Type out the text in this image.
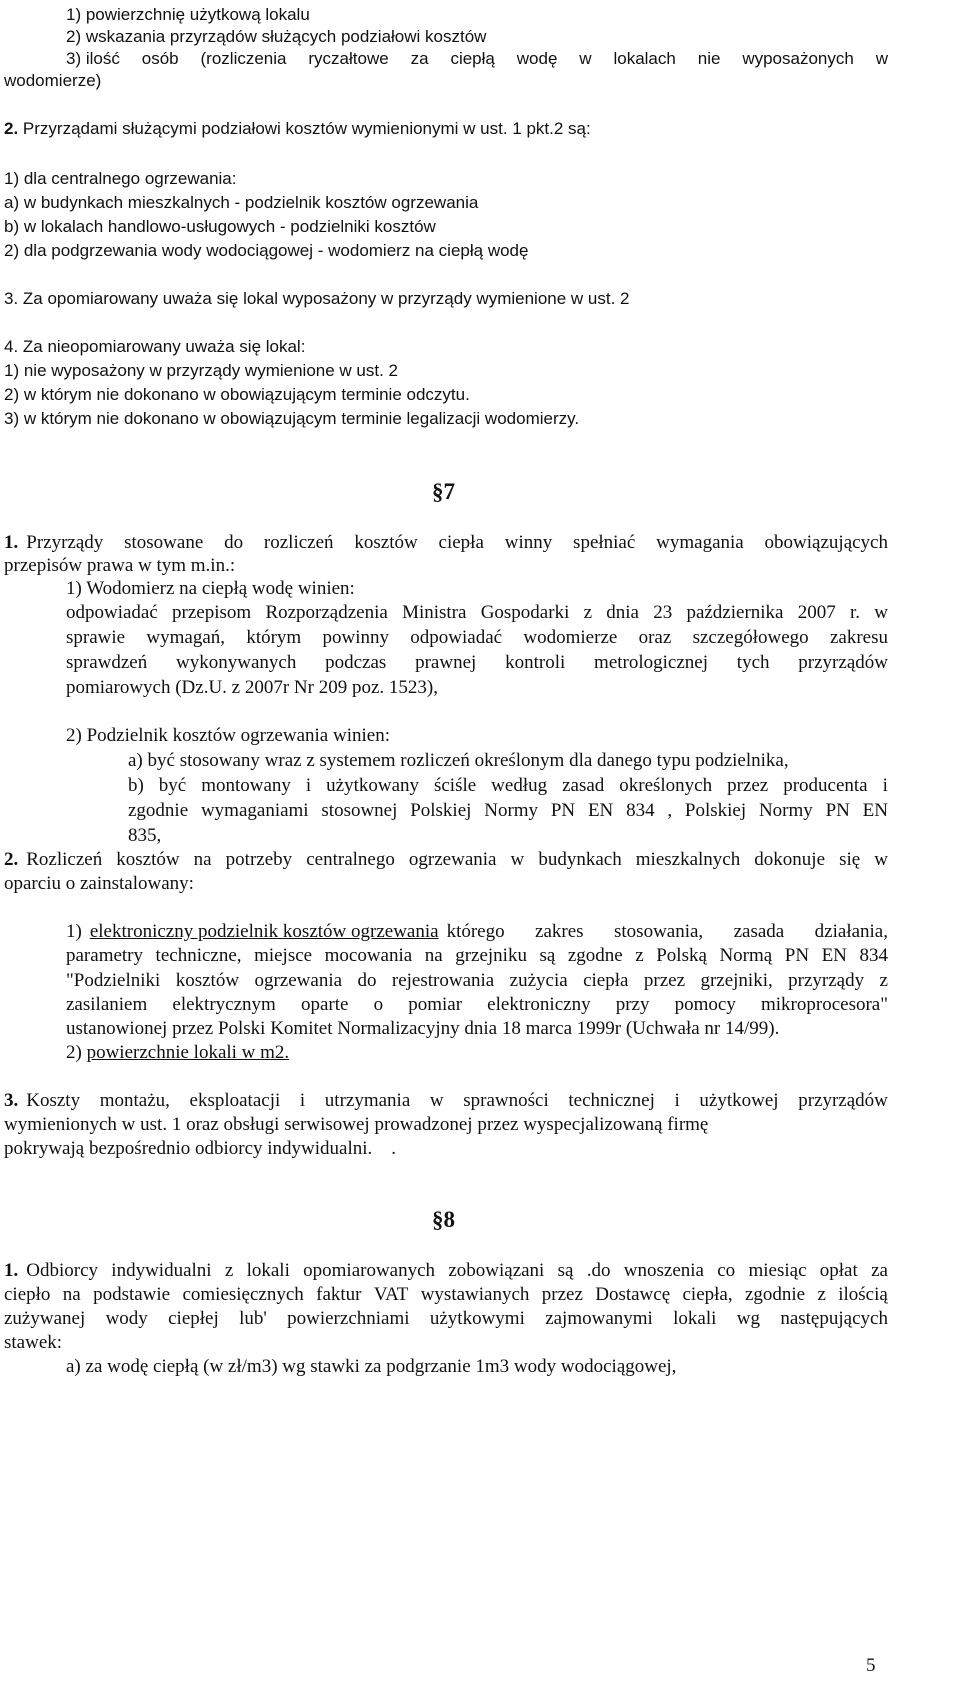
1) powierzchnię użytkową lokalu
2) wskazania przyrządów służących podziałowi kosztów
3) ilość osób (rozliczenia ryczałtowe za ciepłą wodę w lokalach nie wyposażonych w
wodomierze)
2. Przyrządami służącymi podziałowi kosztów wymienionymi w ust. 1 pkt.2 są:
1) dla centralnego ogrzewania:
a) w budynkach mieszkalnych - podzielnik kosztów ogrzewania
b) w lokalach handlowo-usługowych - podzielniki kosztów
2) dla podgrzewania wody wodociągowej - wodomierz na ciepłą wodę
3. Za opomiarowany uważa się lokal wyposażony w przyrządy wymienione w ust. 2
4. Za nieopomiarowany uważa się lokal:
1) nie wyposażony w przyrządy wymienione w ust. 2
2) w którym nie dokonano w obowiązującym terminie odczytu.
3) w którym nie dokonano w obowiązującym terminie legalizacji wodomierzy.
§7
1. Przyrządy stosowane do rozliczeń kosztów ciepła winny spełniać wymagania obowiązujących
przepisów prawa w tym m.in.:
1) Wodomierz na ciepłą wodę winien:
odpowiadać przepisom Rozporządzenia Ministra Gospodarki z dnia 23 października 2007 r. w
sprawie wymagań, którym powinny odpowiadać wodomierze oraz szczegółowego zakresu
sprawdzeń wykonywanych podczas prawnej kontroli metrologicznej tych przyrządów
pomiarowych (Dz.U. z 2007r Nr 209 poz. 1523),
2) Podzielnik kosztów ogrzewania winien:
a) być stosowany wraz z systemem rozliczeń określonym dla danego typu podzielnika,
b) być montowany i użytkowany ściśle według zasad określonych przez producenta i
zgodnie wymaganiami stosownej Polskiej Normy PN EN 834 , Polskiej Normy PN EN
835,
2. Rozliczeń kosztów na potrzeby centralnego ogrzewania w budynkach mieszkalnych dokonuje się w
oparciu o zainstalowany:
1) elektroniczny podzielnik kosztów ogrzewania którego zakres stosowania, zasada działania,
parametry techniczne, miejsce mocowania na grzejniku są zgodne z Polską Normą PN EN 834
"Podzielniki kosztów ogrzewania do rejestrowania zużycia ciepła przez grzejniki, przyrządy z
zasilaniem elektrycznym oparte o pomiar elektroniczny przy pomocy mikroprocesora"
ustanowionej przez Polski Komitet Normalizacyjny dnia 18 marca 1999r (Uchwała nr 14/99).
2) powierzchnie lokali w m2.
3. Koszty montażu, eksploatacji i utrzymania w sprawności technicznej i użytkowej przyrządów
wymienionych w ust. 1 oraz obsługi serwisowej prowadzonej przez wyspecjalizowaną firmę
pokrywają bezpośrednio odbiorcy indywidualni.    .
§8
1. Odbiorcy indywidualni z lokali opomiarowanych zobowiązani są .do wnoszenia co miesiąc opłat za
ciepło na podstawie comiesięcznych faktur VAT wystawianych przez Dostawcę ciepła, zgodnie z ilością
zużywanej wody ciepłej lub' powierzchniami użytkowymi zajmowanymi lokali wg następujących
stawek:
a) za wodę ciepłą (w zł/m3) wg stawki za podgrzanie 1m3 wody wodociągowej,
5
